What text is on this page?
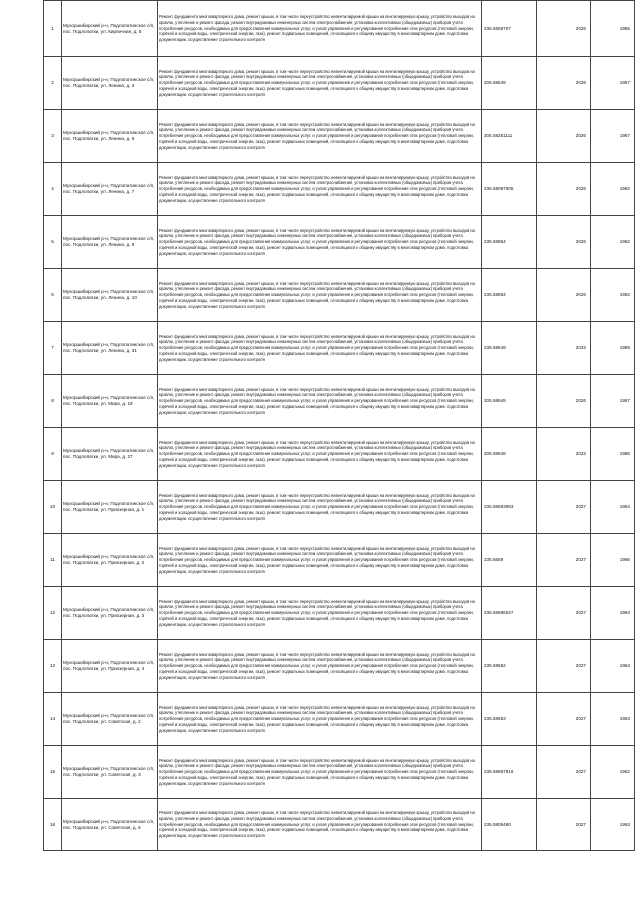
1	Мухоршибирский р-н, Подлопатинское с/п, пос. Подлопатки, ул. Кирпичная, д. 8	Ремонт фундамента многоквартирного дома, ремонт крыши, в том числе переустройство невентилируемой крыши на вентилируемую крышу, устройство выходов на кровлю, утепление и ремонт фасада, ремонт внутридомовых инженерных систем электроснабжения, установка коллективных (общедомовых) приборов учета потребления ресурсов, необходимых для предоставления коммунальных услуг, и узлов управления и регулирования потребления этих ресурсов (тепловой энергии, горячей и холодной воды, электрической энергии, газа), ремонт подвальных помещений, относящихся к общему имуществу в многоквартирном доме, подготовка документации, осуществление строительного контроля	235.5658707	2026	1985
2	Мухоршибирский р-н, Подлопатинское с/п, пос. Подлопатки, ул. Ленина, д. 4	Ремонт фундамента многоквартирного дома, ремонт крыши, в том числе переустройство невентилируемой крыши на вентилируемую крышу, устройство выходов на кровлю, утепление и ремонт фасада, ремонт внутридомовых инженерных систем электроснабжения, установка коллективных (общедомовых) приборов учета потребления ресурсов, необходимых для предоставления коммунальных услуг, и узлов управления и регулирования потребления этих ресурсов (тепловой энергии, горячей и холодной воды, электрической энергии, газа), ремонт подвальных помещений, относящихся к общему имуществу в многоквартирном доме, подготовка документации, осуществление строительного контроля	205.58649	2026	1967
3	Мухоршибирский р-н, Подлопатинское с/п, пос. Подлопатки, ул. Ленина, д. 6	Ремонт фундамента многоквартирного дома, ремонт крыши, в том числе переустройство невентилируемой крыши на вентилируемую крышу, устройство выходов на кровлю, утепление и ремонт фасада, ремонт внутридомовых инженерных систем электроснабжения, установка коллективных (общедомовых) приборов учета потребления ресурсов, необходимых для предоставления коммунальных услуг, и узлов управления и регулирования потребления этих ресурсов (тепловой энергии, горячей и холодной воды, электрической энергии, газа), ремонт подвальных помещений, относящихся к общему имуществу в многоквартирном доме, подготовка документации, осуществление строительного контроля	205.58261111	2026	1967
4	Мухоршибирский р-н, Подлопатинское с/п, пос. Подлопатки, ул. Ленина, д. 7	Ремонт фундамента многоквартирного дома, ремонт крыши, в том числе переустройство невентилируемой крыши на вентилируемую крышу, устройство выходов на кровлю, утепление и ремонт фасада, ремонт внутридомовых инженерных систем электроснабжения, установка коллективных (общедомовых) приборов учета потребления ресурсов, необходимых для предоставления коммунальных услуг, и узлов управления и регулирования потребления этих ресурсов (тепловой энергии, горячей и холодной воды, электрической энергии, газа), ремонт подвальных помещений, относящихся к общему имуществу в многоквартирном доме, подготовка документации, осуществление строительного контроля	235.58087605	2026	1962
5	Мухоршибирский р-н, Подлопатинское с/п, пос. Подлопатки, ул. Ленина, д. 9	Ремонт фундамента многоквартирного дома, ремонт крыши, в том числе переустройство невентилируемой крыши на вентилируемую крышу, устройство выходов на кровлю, утепление и ремонт фасада, ремонт внутридомовых инженерных систем электроснабжения, установка коллективных (общедомовых) приборов учета потребления ресурсов, необходимых для предоставления коммунальных услуг, и узлов управления и регулирования потребления этих ресурсов (тепловой энергии, горячей и холодной воды, электрической энергии, газа), ремонт подвальных помещений, относящихся к общему имуществу в многоквартирном доме, подготовка документации, осуществление строительного контроля	235.56854	2026	1962
6	Мухоршибирский р-н, Подлопатинское с/п, пос. Подлопатки, ул. Ленина, д. 10	Ремонт фундамента многоквартирного дома, ремонт крыши, в том числе переустройство невентилируемой крыши на вентилируемую крышу, устройство выходов на кровлю, утепление и ремонт фасада, ремонт внутридомовых инженерных систем электроснабжения, установка коллективных (общедомовых) приборов учета потребления ресурсов, необходимых для предоставления коммунальных услуг, и узлов управления и регулирования потребления этих ресурсов (тепловой энергии, горячей и холодной воды, электрической энергии, газа), ремонт подвальных помещений, относящихся к общему имуществу в многоквартирном доме, подготовка документации, осуществление строительного контроля	235.58864	2026	1962
7	Мухоршибирский р-н, Подлопатинское с/п, пос. Подлопатки, ул. Ленина, д. 31	Ремонт фундамента многоквартирного дома, ремонт крыши, в том числе переустройство невентилируемой крыши на вентилируемую крышу, устройство выходов на кровлю, утепление и ремонт фасада, ремонт внутридомовых инженерных систем электроснабжения, установка коллективных (общедомовых) приборов учета потребления ресурсов, необходимых для предоставления коммунальных услуг, и узлов управления и регулирования потребления этих ресурсов (тепловой энергии, горячей и холодной воды, электрической энергии, газа), ремонт подвальных помещений, относящихся к общему имуществу в многоквартирном доме, подготовка документации, осуществление строительного контроля	235.58649	2032	1989
8	Мухоршибирский р-н, Подлопатинское с/п, пос. Подлопатки, ул. Мира, д. 19	Ремонт фундамента многоквартирного дома, ремонт крыши, в том числе переустройство невентилируемой крыши на вентилируемую крышу, устройство выходов на кровлю, утепление и ремонт фасада, ремонт внутридомовых инженерных систем электроснабжения, установка коллективных (общедомовых) приборов учета потребления ресурсов, необходимых для предоставления коммунальных услуг, и узлов управления и регулирования потребления этих ресурсов (тепловой энергии, горячей и холодной воды, электрической энергии, газа), ремонт подвальных помещений, относящихся к общему имуществу в многоквартирном доме, подготовка документации, осуществление строительного контроля	205.58649	2026	1967
9	Мухоршибирский р-н, Подлопатинское с/п, пос. Подлопатки, ул. Мира, д. 27	Ремонт фундамента многоквартирного дома, ремонт крыши, в том числе переустройство невентилируемой крыши на вентилируемую крышу, устройство выходов на кровлю, утепление и ремонт фасада, ремонт внутридомовых инженерных систем электроснабжения, установка коллективных (общедомовых) приборов учета потребления ресурсов, необходимых для предоставления коммунальных услуг, и узлов управления и регулирования потребления этих ресурсов (тепловой энергии, горячей и холодной воды, электрической энергии, газа), ремонт подвальных помещений, относящихся к общему имуществу в многоквартирном доме, подготовка документации, осуществление строительного контроля	205.58648	2032	1986
10	Мухоршибирский р-н, Подлопатинское с/п, пос. Подлопатки, ул. Приозерная, д. 1	Ремонт фундамента многоквартирного дома, ремонт крыши, в том числе переустройство невентилируемой крыши на вентилируемую крышу, устройство выходов на кровлю, утепление и ремонт фасада, ремонт внутридомовых инженерных систем электроснабжения, установка коллективных (общедомовых) приборов учета потребления ресурсов, необходимых для предоставления коммунальных услуг, и узлов управления и регулирования потребления этих ресурсов (тепловой энергии, горячей и холодной воды, электрической энергии, газа), ремонт подвальных помещений, относящихся к общему имуществу в многоквартирном доме, подготовка документации, осуществление строительного контроля	235.56693983	2027	1964
11	Мухоршибирский р-н, Подлопатинское с/п, пос. Подлопатки, ул. Приозерная, д. 2	Ремонт фундамента многоквартирного дома, ремонт крыши, в том числе переустройство невентилируемой крыши на вентилируемую крышу, устройство выходов на кровлю, утепление и ремонт фасада, ремонт внутридомовых инженерных систем электроснабжения, установка коллективных (общедомовых) приборов учета потребления ресурсов, необходимых для предоставления коммунальных услуг, и узлов управления и регулирования потребления этих ресурсов (тепловой энергии, горячей и холодной воды, электрической энергии, газа), ремонт подвальных помещений, относящихся к общему имуществу в многоквартирном доме, подготовка документации, осуществление строительного контроля	235.5659	2027	1966
12	Мухоршибирский р-н, Подлопатинское с/п, пос. Подлопатки, ул. Приозерная, д. 3	Ремонт фундамента многоквартирного дома, ремонт крыши, в том числе переустройство невентилируемой крыши на вентилируемую крышу, устройство выходов на кровлю, утепление и ремонт фасада, ремонт внутридомовых инженерных систем электроснабжения, установка коллективных (общедомовых) приборов учета потребления ресурсов, необходимых для предоставления коммунальных услуг, и узлов управления и регулирования потребления этих ресурсов (тепловой энергии, горячей и холодной воды, электрической энергии, газа), ремонт подвальных помещений, относящихся к общему имуществу в многоквартирном доме, подготовка документации, осуществление строительного контроля	235.56686047	2027	1964
13	Мухоршибирский р-н, Подлопатинское с/п, пос. Подлопатки, ул. Приозерная, д. 4	Ремонт фундамента многоквартирного дома, ремонт крыши, в том числе переустройство невентилируемой крыши на вентилируемую крышу, устройство выходов на кровлю, утепление и ремонт фасада, ремонт внутридомовых инженерных систем электроснабжения, установка коллективных (общедомовых) приборов учета потребления ресурсов, необходимых для предоставления коммунальных услуг, и узлов управления и регулирования потребления этих ресурсов (тепловой энергии, горячей и холодной воды, электрической энергии, газа), ремонт подвальных помещений, относящихся к общему имуществу в многоквартирном доме, подготовка документации, осуществление строительного контроля	235.58652	2027	1964
14	Мухоршибирский р-н, Подлопатинское с/п, пос. Подлопатки, ул. Советская, д. 2	Ремонт фундамента многоквартирного дома, ремонт крыши, в том числе переустройство невентилируемой крыши на вентилируемую крышу, устройство выходов на кровлю, утепление и ремонт фасада, ремонт внутридомовых инженерных систем электроснабжения, установка коллективных (общедомовых) приборов учета потребления ресурсов, необходимых для предоставления коммунальных услуг, и узлов управления и регулирования потребления этих ресурсов (тепловой энергии, горячей и холодной воды, электрической энергии, газа), ремонт подвальных помещений, относящихся к общему имуществу в многоквартирном доме, подготовка документации, осуществление строительного контроля	235.58653	2027	1963
15	Мухоршибирский р-н, Подлопатинское с/п, пос. Подлопатки, ул. Советская, д. 3	Ремонт фундамента многоквартирного дома, ремонт крыши, в том числе переустройство невентилируемой крыши на вентилируемую крышу, устройство выходов на кровлю, утепление и ремонт фасада, ремонт внутридомовых инженерных систем электроснабжения, установка коллективных (общедомовых) приборов учета потребления ресурсов, необходимых для предоставления коммунальных услуг, и узлов управления и регулирования потребления этих ресурсов (тепловой энергии, горячей и холодной воды, электрической энергии, газа), ремонт подвальных помещений, относящихся к общему имуществу в многоквартирном доме, подготовка документации, осуществление строительного контроля	235.58687916	2027	1962
16	Мухоршибирский р-н, Подлопатинское с/п, пос. Подлопатки, ул. Советская, д. 6	Ремонт фундамента многоквартирного дома, ремонт крыши, в том числе переустройство невентилируемой крыши на вентилируемую крышу, устройство выходов на кровлю, утепление и ремонт фасада, ремонт внутридомовых инженерных систем электроснабжения, установка коллективных (общедомовых) приборов учета потребления ресурсов, необходимых для предоставления коммунальных услуг, и узлов управления и регулирования потребления этих ресурсов (тепловой энергии, горячей и холодной воды, электрической энергии, газа), ремонт подвальных помещений, относящихся к общему имуществу в многоквартирном доме, подготовка документации, осуществление строительного контроля	235.5809460	2027	1963
